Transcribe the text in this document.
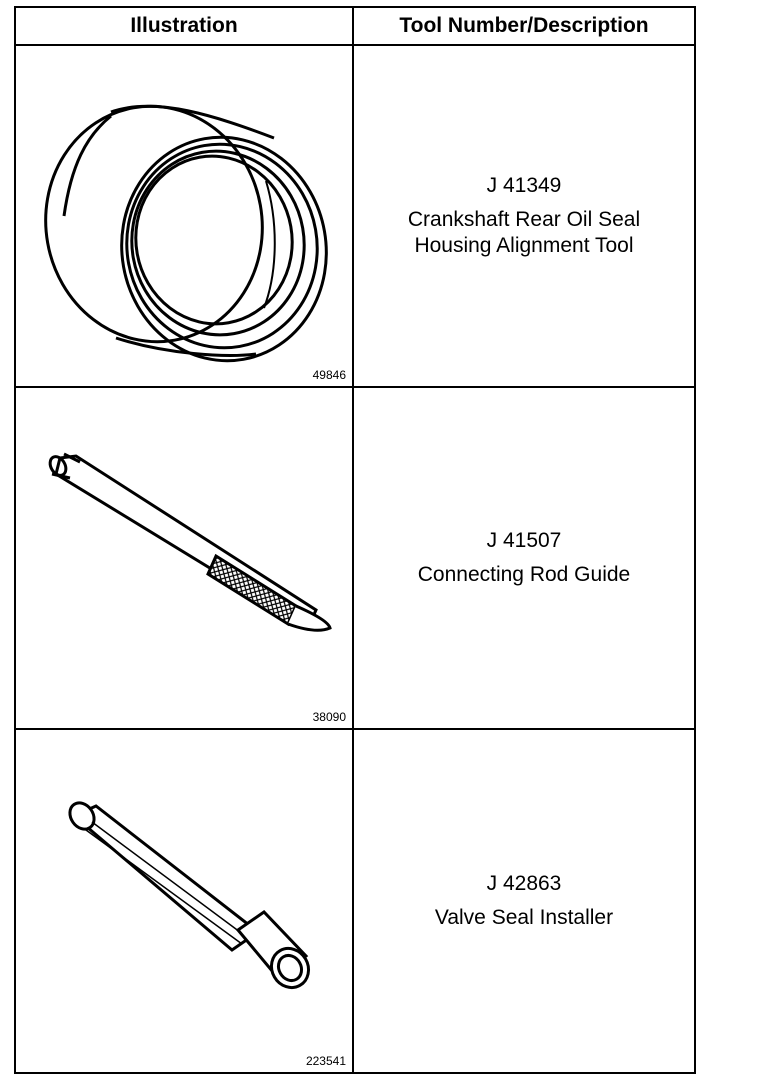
Illustration	Tool Number/Description
49846
J 41349
Crankshaft Rear Oil Seal
Housing Alignment Tool
38090
J 41507
Connecting Rod Guide
223541
J 42863
Valve Seal Installer
